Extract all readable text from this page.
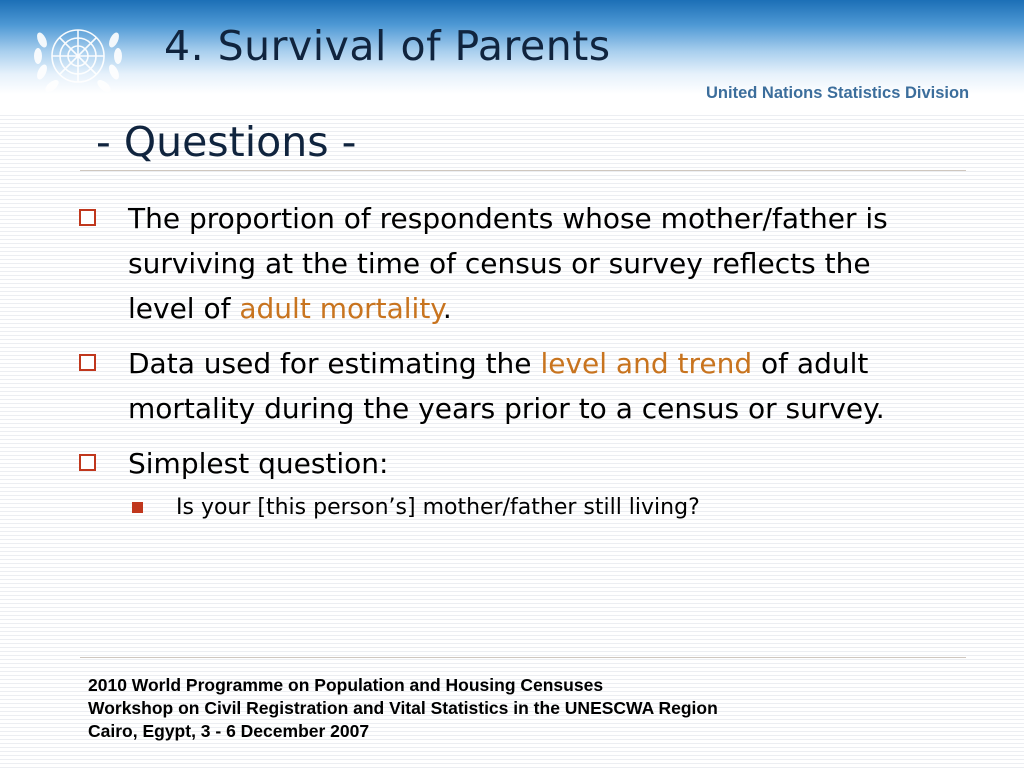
4. Survival of Parents
United Nations Statistics Division
- Questions -
The proportion of respondents whose mother/father is surviving at the time of census or survey reflects the level of adult mortality.
Data used for estimating the level and trend of adult mortality during the years prior to a census or survey.
Simplest question:
Is your [this person’s] mother/father still living?
2010 World Programme on Population and Housing Censuses
Workshop on Civil Registration and Vital Statistics in the UNESCWA Region
Cairo, Egypt, 3 - 6 December 2007
